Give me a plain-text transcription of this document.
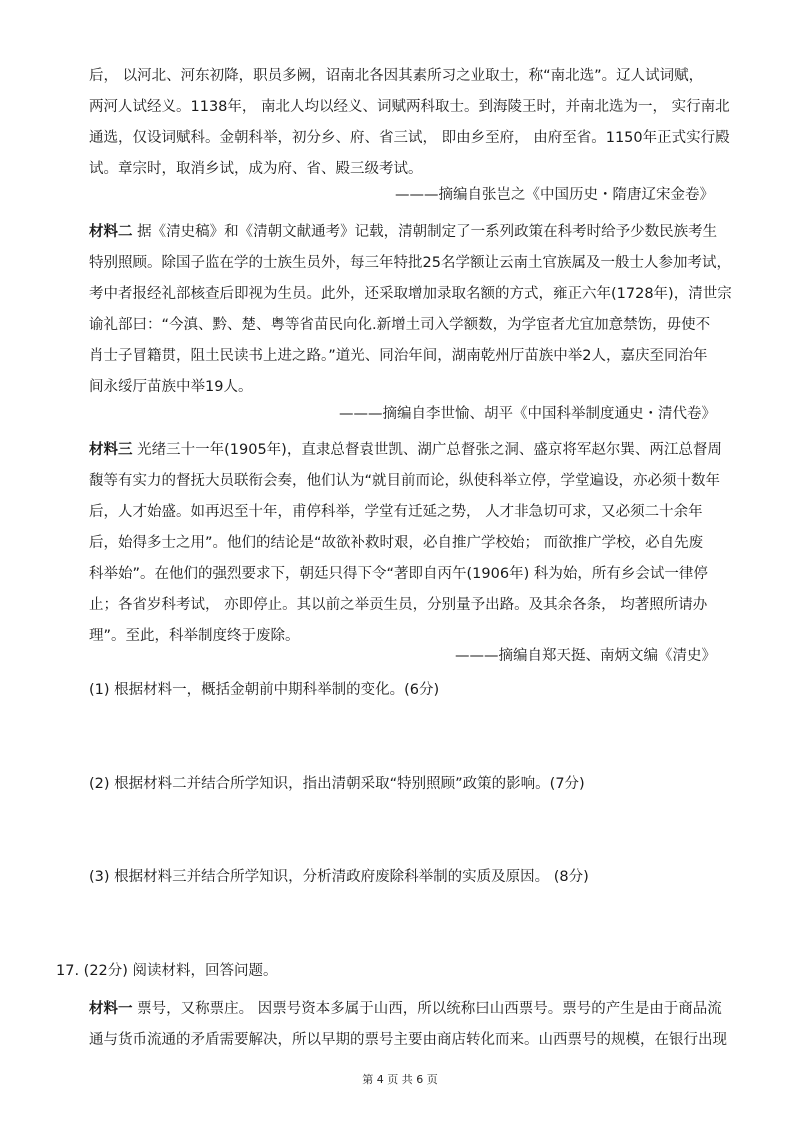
后， 以河北、河东初降，职员多阙，诏南北各因其素所习之业取士，称“南北选”。辽人试词赋，
两河人试经义。1138年， 南北人均以经义、词赋两科取士。到海陵王时，并南北选为一， 实行南北
通选，仅设词赋科。金朝科举，初分乡、府、省三试， 即由乡至府， 由府至省。1150年正式实行殿
试。章宗时，取消乡试，成为府、省、殿三级考试。
———摘编自张岂之《中国历史・隋唐辽宋金卷》
材料二 据《清史稿》和《清朝文献通考》记载，清朝制定了一系列政策在科考时给予少数民族考生
特别照顾。除国子监在学的士族生员外，每三年特批25名学额让云南土官族属及一般士人参加考试，
考中者报经礼部核查后即视为生员。此外，还采取增加录取名额的方式，雍正六年(1728年)，清世宗
谕礼部曰：“今滇、黔、楚、粤等省苗民向化.新增土司入学额数，为学宦者尤宜加意禁饬，毋使不
肖士子冒籍贯，阻土民读书上进之路。”道光、同治年间，湖南乾州厅苗族中举2人，嘉庆至同治年
间永绥厅苗族中举19人。
———摘编自李世愉、胡平《中国科举制度通史・清代卷》
材料三 光绪三十一年(1905年)，直隶总督袁世凯、湖广总督张之洞、盛京将军赵尔巽、两江总督周
馥等有实力的督抚大员联衔会奏，他们认为“就目前而论，纵使科举立停，学堂遍设，亦必须十数年
后，人才始盛。如再迟至十年，甫停科举，学堂有迁延之势， 人才非急切可求，又必须二十余年
后，始得多士之用”。他们的结论是“故欲补救时艰，必自推广学校始； 而欲推广学校，必自先废
科举始”。在他们的强烈要求下，朝廷只得下令“著即自丙午(1906年) 科为始，所有乡会试一律停
止；各省岁科考试， 亦即停止。其以前之举贡生员，分别量予出路。及其余各条， 均著照所请办
理”。至此，科举制度终于废除。
———摘编自郑天挺、南炳文编《清史》
(1) 根据材料一，概括金朝前中期科举制的变化。(6分)
(2) 根据材料二并结合所学知识，指出清朝采取“特别照顾”政策的影响。(7分)
(3) 根据材料三并结合所学知识，分析清政府废除科举制的实质及原因。 (8分)
17. (22分) 阅读材料，回答问题。
材料一 票号，又称票庄。 因票号资本多属于山西，所以统称曰山西票号。票号的产生是由于商品流
通与货币流通的矛盾需要解决，所以早期的票号主要由商店转化而来。山西票号的规模，在银行出现
第 4 页 共 6 页
